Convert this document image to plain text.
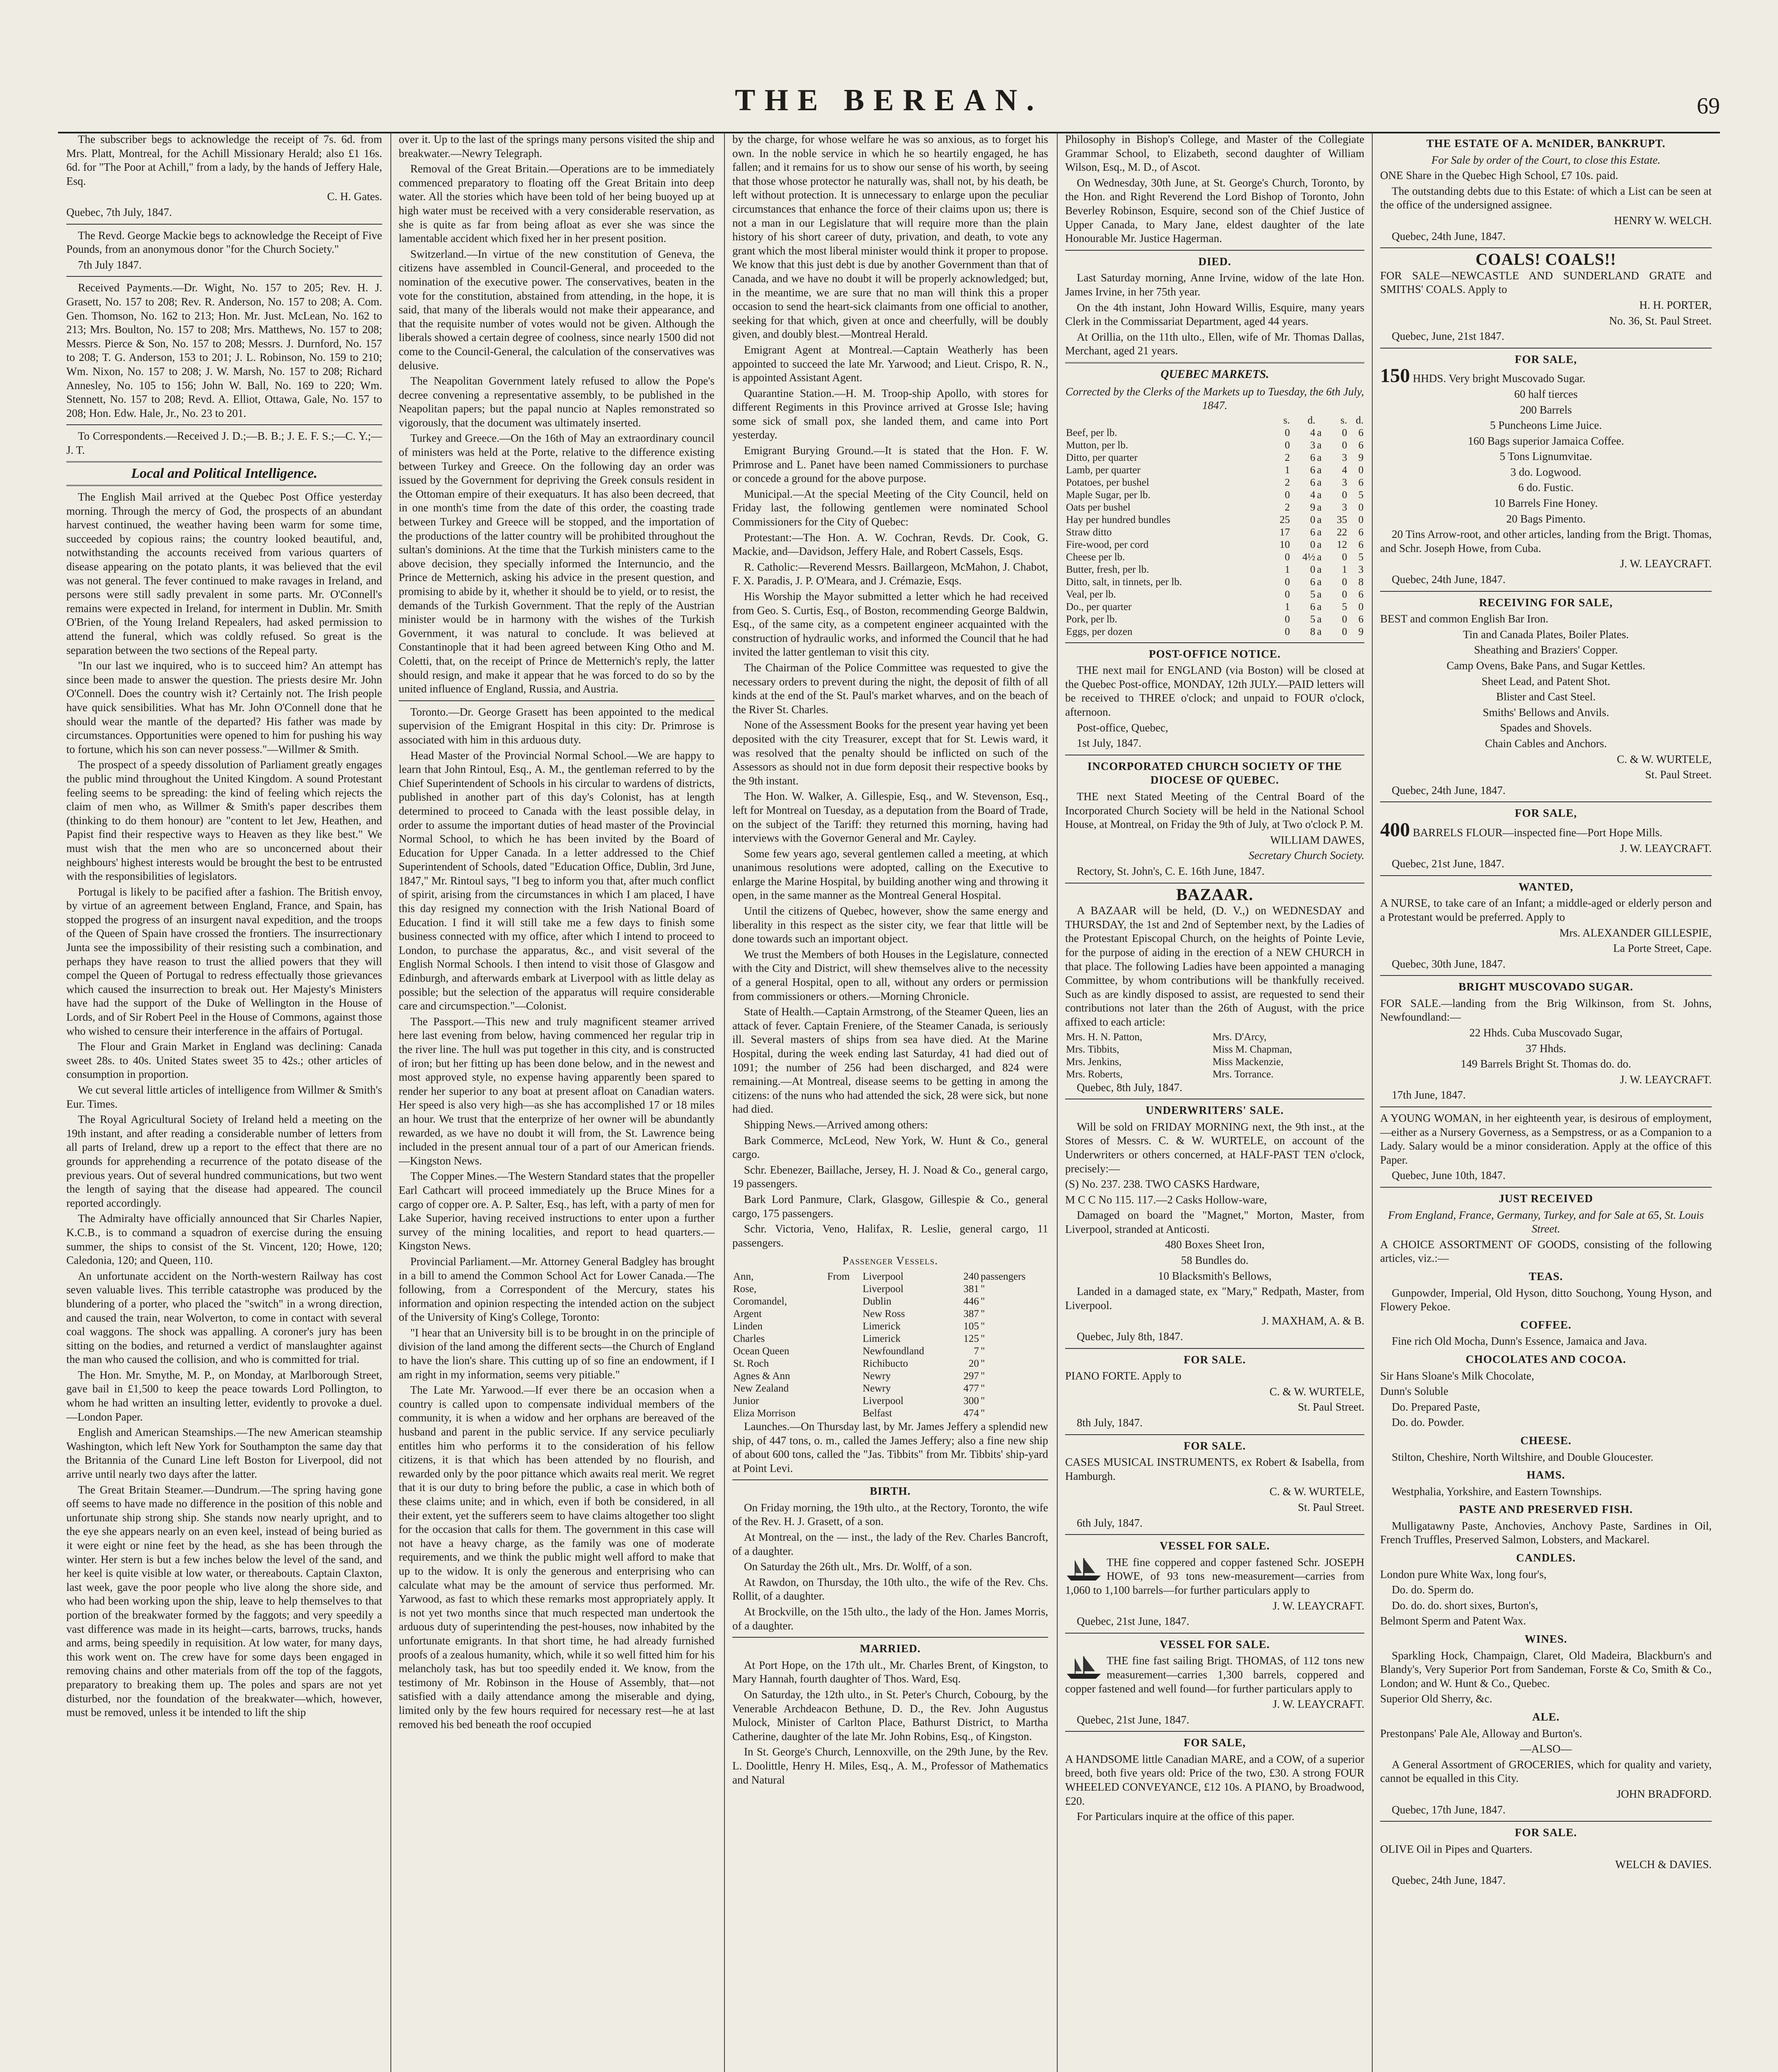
THE BEREAN.	69

The subscriber begs to acknowledge the receipt of 7s. 6d. from Mrs. Platt, Montreal, for the Achill Missionary Herald; also £1 16s. 6d. for "The Poor at Achill," from a lady, by the hands of Jeffery Hale, Esq.

C. H. Gates.

Quebec, 7th July, 1847.

The Revd. George Mackie begs to acknowledge the Receipt of Five Pounds, from an anonymous donor "for the Church Society."

7th July 1847.

Received Payments.—Dr. Wight, No. 157 to 205; Rev. H. J. Grasett, No. 157 to 208; Rev. R. Anderson, No. 157 to 208; A. Com. Gen. Thomson, No. 162 to 213; Hon. Mr. Just. McLean, No. 162 to 213; Mrs. Boulton, No. 157 to 208; Mrs. Matthews, No. 157 to 208; Messrs. Pierce & Son, No. 157 to 208; Messrs. J. Durnford, No. 157 to 208; T. G. Anderson, 153 to 201; J. L. Robinson, No. 159 to 210; Wm. Nixon, No. 157 to 208; J. W. Marsh, No. 157 to 208; Richard Annesley, No. 105 to 156; John W. Ball, No. 169 to 220; Wm. Stennett, No. 157 to 208; Revd. A. Elliot, Ottawa, Gale, No. 157 to 208; Hon. Edw. Hale, Jr., No. 23 to 201.

To Correspondents.—Received J. D.;—B. B.; J. E. F. S.;—C. Y.;—J. T.

Local and Political Intelligence.

The English Mail arrived at the Quebec Post Office yesterday morning. Through the mercy of God, the prospects of an abundant harvest continued, the weather having been warm for some time, succeeded by copious rains; the country looked beautiful, and, notwithstanding the accounts received from various quarters of disease appearing on the potato plants, it was believed that the evil was not general. The fever continued to make ravages in Ireland, and persons were still sadly prevalent in some parts. Mr. O'Connell's remains were expected in Ireland, for interment in Dublin. Mr. Smith O'Brien, of the Young Ireland Repealers, had asked permission to attend the funeral, which was coldly refused. So great is the separation between the two sections of the Repeal party.

"In our last we inquired, who is to succeed him? An attempt has since been made to answer the question. The priests desire Mr. John O'Connell. Does the country wish it? Certainly not. The Irish people have quick sensibilities. What has Mr. John O'Connell done that he should wear the mantle of the departed? His father was made by circumstances. Opportunities were opened to him for pushing his way to fortune, which his son can never possess."—Willmer & Smith.

The prospect of a speedy dissolution of Parliament greatly engages the public mind throughout the United Kingdom. A sound Protestant feeling seems to be spreading: the kind of feeling which rejects the claim of men who, as Willmer & Smith's paper describes them (thinking to do them honour) are "content to let Jew, Heathen, and Papist find their respective ways to Heaven as they like best." We must wish that the men who are so unconcerned about their neighbours' highest interests would be brought the best to be entrusted with the responsibilities of legislators.

Portugal is likely to be pacified after a fashion. The British envoy, by virtue of an agreement between England, France, and Spain, has stopped the progress of an insurgent naval expedition, and the troops of the Queen of Spain have crossed the frontiers. The insurrectionary Junta see the impossibility of their resisting such a combination, and perhaps they have reason to trust the allied powers that they will compel the Queen of Portugal to redress effectually those grievances which caused the insurrection to break out. Her Majesty's Ministers have had the support of the Duke of Wellington in the House of Lords, and of Sir Robert Peel in the House of Commons, against those who wished to censure their interference in the affairs of Portugal.

The Flour and Grain Market in England was declining: Canada sweet 28s. to 40s. United States sweet 35 to 42s.; other articles of consumption in proportion.

We cut several little articles of intelligence from Willmer & Smith's Eur. Times.

The Royal Agricultural Society of Ireland held a meeting on the 19th instant, and after reading a considerable number of letters from all parts of Ireland, drew up a report to the effect that there are no grounds for apprehending a recurrence of the potato disease of the previous years. Out of several hundred communications, but two went the length of saying that the disease had appeared. The council reported accordingly.

The Admiralty have officially announced that Sir Charles Napier, K.C.B., is to command a squadron of exercise during the ensuing summer, the ships to consist of the St. Vincent, 120; Howe, 120; Caledonia, 120; and Queen, 110.

An unfortunate accident on the North-western Railway has cost seven valuable lives. This terrible catastrophe was produced by the blundering of a porter, who placed the "switch" in a wrong direction, and caused the train, near Wolverton, to come in contact with several coal waggons. The shock was appalling. A coroner's jury has been sitting on the bodies, and returned a verdict of manslaughter against the man who caused the collision, and who is committed for trial.

The Hon. Mr. Smythe, M. P., on Monday, at Marlborough Street, gave bail in £1,500 to keep the peace towards Lord Pollington, to whom he had written an insulting letter, evidently to provoke a duel.—London Paper.

English and American Steamships.—The new American steamship Washington, which left New York for Southampton the same day that the Britannia of the Cunard Line left Boston for Liverpool, did not arrive until nearly two days after the latter.

The Great Britain Steamer.—Dundrum.—The spring having gone off seems to have made no difference in the position of this noble and unfortunate ship strong ship. She stands now nearly upright, and to the eye she appears nearly on an even keel, instead of being buried as it were eight or nine feet by the head, as she has been through the winter. Her stern is but a few inches below the level of the sand, and her keel is quite visible at low water, or thereabouts. Captain Claxton, last week, gave the poor people who live along the shore side, and who had been working upon the ship, leave to help themselves to that portion of the breakwater formed by the faggots; and very speedily a vast difference was made in its height—carts, barrows, trucks, hands and arms, being speedily in requisition. At low water, for many days, this work went on. The crew have for some days been engaged in removing chains and other materials from off the top of the faggots, preparatory to breaking them up. The poles and spars are not yet disturbed, nor the foundation of the breakwater—which, however, must be removed, unless it be intended to lift the ship

over it. Up to the last of the springs many persons visited the ship and breakwater.—Newry Telegraph.

Removal of the Great Britain.—Operations are to be immediately commenced preparatory to floating off the Great Britain into deep water. All the stories which have been told of her being buoyed up at high water must be received with a very considerable reservation, as she is quite as far from being afloat as ever she was since the lamentable accident which fixed her in her present position.

Switzerland.—In virtue of the new constitution of Geneva, the citizens have assembled in Council-General, and proceeded to the nomination of the executive power. The conservatives, beaten in the vote for the constitution, abstained from attending, in the hope, it is said, that many of the liberals would not make their appearance, and that the requisite number of votes would not be given. Although the liberals showed a certain degree of coolness, since nearly 1500 did not come to the Council-General, the calculation of the conservatives was delusive.

The Neapolitan Government lately refused to allow the Pope's decree convening a representative assembly, to be published in the Neapolitan papers; but the papal nuncio at Naples remonstrated so vigorously, that the document was ultimately inserted.

Turkey and Greece.—On the 16th of May an extraordinary council of ministers was held at the Porte, relative to the difference existing between Turkey and Greece. On the following day an order was issued by the Government for depriving the Greek consuls resident in the Ottoman empire of their exequaturs. It has also been decreed, that in one month's time from the date of this order, the coasting trade between Turkey and Greece will be stopped, and the importation of the productions of the latter country will be prohibited throughout the sultan's dominions. At the time that the Turkish ministers came to the above decision, they specially informed the Internuncio, and the Prince de Metternich, asking his advice in the present question, and promising to abide by it, whether it should be to yield, or to resist, the demands of the Turkish Government. That the reply of the Austrian minister would be in harmony with the wishes of the Turkish Government, it was natural to conclude. It was believed at Constantinople that it had been agreed between King Otho and M. Coletti, that, on the receipt of Prince de Metternich's reply, the latter should resign, and make it appear that he was forced to do so by the united influence of England, Russia, and Austria.

Toronto.—Dr. George Grasett has been appointed to the medical supervision of the Emigrant Hospital in this city: Dr. Primrose is associated with him in this arduous duty.

Head Master of the Provincial Normal School.—We are happy to learn that John Rintoul, Esq., A. M., the gentleman referred to by the Chief Superintendent of Schools in his circular to wardens of districts, published in another part of this day's Colonist, has at length determined to proceed to Canada with the least possible delay, in order to assume the important duties of head master of the Provincial Normal School, to which he has been invited by the Board of Education for Upper Canada. In a letter addressed to the Chief Superintendent of Schools, dated "Education Office, Dublin, 3rd June, 1847," Mr. Rintoul says, "I beg to inform you that, after much conflict of spirit, arising from the circumstances in which I am placed, I have this day resigned my connection with the Irish National Board of Education. I find it will still take me a few days to finish some business connected with my office, after which I intend to proceed to London, to purchase the apparatus, &c., and visit several of the English Normal Schools. I then intend to visit those of Glasgow and Edinburgh, and afterwards embark at Liverpool with as little delay as possible; but the selection of the apparatus will require considerable care and circumspection."—Colonist.

The Passport.—This new and truly magnificent steamer arrived here last evening from below, having commenced her regular trip in the river line. The hull was put together in this city, and is constructed of iron; but her fitting up has been done below, and in the newest and most approved style, no expense having apparently been spared to render her superior to any boat at present afloat on Canadian waters. Her speed is also very high—as she has accomplished 17 or 18 miles an hour. We trust that the enterprize of her owner will be abundantly rewarded, as we have no doubt it will from, the St. Lawrence being included in the present annual tour of a part of our American friends.—Kingston News.

The Copper Mines.—The Western Standard states that the propeller Earl Cathcart will proceed immediately up the Bruce Mines for a cargo of copper ore. A. P. Salter, Esq., has left, with a party of men for Lake Superior, having received instructions to enter upon a further survey of the mining localities, and report to head quarters.—Kingston News.

Provincial Parliament.—Mr. Attorney General Badgley has brought in a bill to amend the Common School Act for Lower Canada.—The following, from a Correspondent of the Mercury, states his information and opinion respecting the intended action on the subject of the University of King's College, Toronto:

"I hear that an University bill is to be brought in on the principle of division of the land among the different sects—the Church of England to have the lion's share. This cutting up of so fine an endowment, if I am right in my information, seems very pitiable."

The Late Mr. Yarwood.—If ever there be an occasion when a country is called upon to compensate individual members of the community, it is when a widow and her orphans are bereaved of the husband and parent in the public service. If any service peculiarly entitles him who performs it to the consideration of his fellow citizens, it is that which has been attended by no flourish, and rewarded only by the poor pittance which awaits real merit. We regret that it is our duty to bring before the public, a case in which both of these claims unite; and in which, even if both be considered, in all their extent, yet the sufferers seem to have claims altogether too slight for the occasion that calls for them. The government in this case will not have a heavy charge, as the family was one of moderate requirements, and we think the public might well afford to make that up to the widow. It is only the generous and enterprising who can calculate what may be the amount of service thus performed. Mr. Yarwood, as fast to which these remarks most appropriately apply. It is not yet two months since that much respected man undertook the arduous duty of superintending the pest-houses, now inhabited by the unfortunate emigrants. In that short time, he had already furnished proofs of a zealous humanity, which, while it so well fitted him for his melancholy task, has but too speedily ended it. We know, from the testimony of Mr. Robinson in the House of Assembly, that—not satisfied with a daily attendance among the miserable and dying, limited only by the few hours required for necessary rest—he at last removed his bed beneath the roof occupied

by the charge, for whose welfare he was so anxious, as to forget his own. In the noble service in which he so heartily engaged, he has fallen; and it remains for us to show our sense of his worth, by seeing that those whose protector he naturally was, shall not, by his death, be left without protection. It is unnecessary to enlarge upon the peculiar circumstances that enhance the force of their claims upon us; there is not a man in our Legislature that will require more than the plain history of his short career of duty, privation, and death, to vote any grant which the most liberal minister would think it proper to propose. We know that this just debt is due by another Government than that of Canada, and we have no doubt it will be properly acknowledged; but, in the meantime, we are sure that no man will think this a proper occasion to send the heart-sick claimants from one official to another, seeking for that which, given at once and cheerfully, will be doubly given, and doubly blest.—Montreal Herald.

Emigrant Agent at Montreal.—Captain Weatherly has been appointed to succeed the late Mr. Yarwood; and Lieut. Crispo, R. N., is appointed Assistant Agent.

Quarantine Station.—H. M. Troop-ship Apollo, with stores for different Regiments in this Province arrived at Grosse Isle; having some sick of small pox, she landed them, and came into Port yesterday.

Emigrant Burying Ground.—It is stated that the Hon. F. W. Primrose and L. Panet have been named Commissioners to purchase or concede a ground for the above purpose.

Municipal.—At the special Meeting of the City Council, held on Friday last, the following gentlemen were nominated School Commissioners for the City of Quebec:

Protestant:—The Hon. A. W. Cochran, Revds. Dr. Cook, G. Mackie, and—Davidson, Jeffery Hale, and Robert Cassels, Esqs.

R. Catholic:—Reverend Messrs. Baillargeon, McMahon, J. Chabot, F. X. Paradis, J. P. O'Meara, and J. Crémazie, Esqs.

His Worship the Mayor submitted a letter which he had received from Geo. S. Curtis, Esq., of Boston, recommending George Baldwin, Esq., of the same city, as a competent engineer acquainted with the construction of hydraulic works, and informed the Council that he had invited the latter gentleman to visit this city.

The Chairman of the Police Committee was requested to give the necessary orders to prevent during the night, the deposit of filth of all kinds at the end of the St. Paul's market wharves, and on the beach of the River St. Charles.

None of the Assessment Books for the present year having yet been deposited with the city Treasurer, except that for St. Lewis ward, it was resolved that the penalty should be inflicted on such of the Assessors as should not in due form deposit their respective books by the 9th instant.

The Hon. W. Walker, A. Gillespie, Esq., and W. Stevenson, Esq., left for Montreal on Tuesday, as a deputation from the Board of Trade, on the subject of the Tariff: they returned this morning, having had interviews with the Governor General and Mr. Cayley.

Some few years ago, several gentlemen called a meeting, at which unanimous resolutions were adopted, calling on the Executive to enlarge the Marine Hospital, by building another wing and throwing it open, in the same manner as the Montreal General Hospital.

Until the citizens of Quebec, however, show the same energy and liberality in this respect as the sister city, we fear that little will be done towards such an important object.

We trust the Members of both Houses in the Legislature, connected with the City and District, will shew themselves alive to the necessity of a general Hospital, open to all, without any orders or permission from commissioners or others.—Morning Chronicle.

State of Health.—Captain Armstrong, of the Steamer Queen, lies an attack of fever. Captain Freniere, of the Steamer Canada, is seriously ill. Several masters of ships from sea have died. At the Marine Hospital, during the week ending last Saturday, 41 had died out of 1091; the number of 256 had been discharged, and 824 were remaining.—At Montreal, disease seems to be getting in among the citizens: of the nuns who had attended the sick, 28 were sick, but none had died.

Shipping News.—Arrived among others:

Bark Commerce, McLeod, New York, W. Hunt & Co., general cargo.

Schr. Ebenezer, Baillache, Jersey, H. J. Noad & Co., general cargo, 19 passengers.

Bark Lord Panmure, Clark, Glasgow, Gillespie & Co., general cargo, 175 passengers.

Schr. Victoria, Veno, Halifax, R. Leslie, general cargo, 11 passengers.

Passenger Vessels.
Ann,	From	Liverpool	240	passengers
Rose,		Liverpool	381	"
Coromandel,		Dublin	446	"
Argent		New Ross	387	"
Linden		Limerick	105	"
Charles		Limerick	125	"
Ocean Queen		Newfoundland	7	"
St. Roch		Richibucto	20	"
Agnes & Ann		Newry	297	"
New Zealand		Newry	477	"
Junior		Liverpool	300	"
Eliza Morrison		Belfast	474	"

Launches.—On Thursday last, by Mr. James Jeffery a splendid new ship, of 447 tons, o. m., called the James Jeffery; also a fine new ship of about 600 tons, called the "Jas. Tibbits" from Mr. Tibbits' ship-yard at Point Levi.

BIRTH.

On Friday morning, the 19th ulto., at the Rectory, Toronto, the wife of the Rev. H. J. Grasett, of a son.

At Montreal, on the — inst., the lady of the Rev. Charles Bancroft, of a daughter.

On Saturday the 26th ult., Mrs. Dr. Wolff, of a son.

At Rawdon, on Thursday, the 10th ulto., the wife of the Rev. Chs. Rollit, of a daughter.

At Brockville, on the 15th ulto., the lady of the Hon. James Morris, of a daughter.

MARRIED.

At Port Hope, on the 17th ult., Mr. Charles Brent, of Kingston, to Mary Hannah, fourth daughter of Thos. Ward, Esq.

On Saturday, the 12th ulto., in St. Peter's Church, Cobourg, by the Venerable Archdeacon Bethune, D. D., the Rev. John Augustus Mulock, Minister of Carlton Place, Bathurst District, to Martha Catherine, daughter of the late Mr. John Robins, Esq., of Kingston.

In St. George's Church, Lennoxville, on the 29th June, by the Rev. L. Doolittle, Henry H. Miles, Esq., A. M., Professor of Mathematics and Natural

Philosophy in Bishop's College, and Master of the Collegiate Grammar School, to Elizabeth, second daughter of William Wilson, Esq., M. D., of Ascot.

On Wednesday, 30th June, at St. George's Church, Toronto, by the Hon. and Right Reverend the Lord Bishop of Toronto, John Beverley Robinson, Esquire, second son of the Chief Justice of Upper Canada, to Mary Jane, eldest daughter of the late Honourable Mr. Justice Hagerman.

DIED.

Last Saturday morning, Anne Irvine, widow of the late Hon. James Irvine, in her 75th year.

On the 4th instant, John Howard Willis, Esquire, many years Clerk in the Commissariat Department, aged 44 years.

At Orillia, on the 11th ulto., Ellen, wife of Mr. Thomas Dallas, Merchant, aged 21 years.

QUEBEC MARKETS.

Corrected by the Clerks of the Markets up to Tuesday, the 6th July, 1847.

	s.	d.		s.	d.
Beef, per lb.	0	4	a	0	6
Mutton, per lb.	0	3	a	0	6
Ditto, per quarter	2	6	a	3	9
Lamb, per quarter	1	6	a	4	0
Potatoes, per bushel	2	6	a	3	6
Maple Sugar, per lb.	0	4	a	0	5
Oats per bushel	2	9	a	3	0
Hay per hundred bundles	25	0	a	35	0
Straw ditto	17	6	a	22	6
Fire-wood, per cord	10	0	a	12	6
Cheese per lb.	0	4½	a	0	5
Butter, fresh, per lb.	1	0	a	1	3
Ditto, salt, in tinnets, per lb.	0	6	a	0	8
Veal, per lb.	0	5	a	0	6
Do., per quarter	1	6	a	5	0
Pork, per lb.	0	5	a	0	6
Eggs, per dozen	0	8	a	0	9
POST-OFFICE NOTICE.

THE next mail for ENGLAND (via Boston) will be closed at the Quebec Post-office, MONDAY, 12th JULY.—PAID letters will be received to THREE o'clock; and unpaid to FOUR o'clock, afternoon.

Post-office, Quebec,

1st July, 1847.

INCORPORATED CHURCH SOCIETY OF THE DIOCESE OF QUEBEC.

THE next Stated Meeting of the Central Board of the Incorporated Church Society will be held in the National School House, at Montreal, on Friday the 9th of July, at Two o'clock P. M.

WILLIAM DAWES,

Secretary Church Society.

Rectory, St. John's, C. E. 16th June, 1847.

BAZAAR.

A BAZAAR will be held, (D. V.,) on WEDNESDAY and THURSDAY, the 1st and 2nd of September next, by the Ladies of the Protestant Episcopal Church, on the heights of Pointe Levie, for the purpose of aiding in the erection of a NEW CHURCH in that place. The following Ladies have been appointed a managing Committee, by whom contributions will be thankfully received. Such as are kindly disposed to assist, are requested to send their contributions not later than the 26th of August, with the price affixed to each article:

Mrs. H. N. Patton,	Mrs. D'Arcy,
Mrs. Tibbits,	Miss M. Chapman,
Mrs. Jenkins,	Miss Mackenzie,
Mrs. Roberts,	Mrs. Torrance.

Quebec, 8th July, 1847.

UNDERWRITERS' SALE.

Will be sold on FRIDAY MORNING next, the 9th inst., at the Stores of Messrs. C. & W. WURTELE, on account of the Underwriters or others concerned, at HALF-PAST TEN o'clock, precisely:—

(S) No. 237. 238. TWO CASKS Hardware,

M C C No 115. 117.—2 Casks Hollow-ware,

Damaged on board the "Magnet," Morton, Master, from Liverpool, stranded at Anticosti.

480 Boxes Sheet Iron,

58 Bundles do.

10 Blacksmith's Bellows,

Landed in a damaged state, ex "Mary," Redpath, Master, from Liverpool.

J. MAXHAM, A. & B.

Quebec, July 8th, 1847.

FOR SALE.

PIANO FORTE. Apply to

C. & W. WURTELE,

St. Paul Street.

8th July, 1847.

FOR SALE.

CASES MUSICAL INSTRUMENTS, ex Robert & Isabella, from Hamburgh.

C. & W. WURTELE,

St. Paul Street.

6th July, 1847.

VESSEL FOR SALE.

THE fine coppered and copper fastened Schr. JOSEPH HOWE, of 93 tons new-measurement—carries from 1,060 to 1,100 barrels—for further particulars apply to

J. W. LEAYCRAFT.

Quebec, 21st June, 1847.

VESSEL FOR SALE.

THE fine fast sailing Brigt. THOMAS, of 112 tons new measurement—carries 1,300 barrels, coppered and copper fastened and well found—for further particulars apply to

J. W. LEAYCRAFT.

Quebec, 21st June, 1847.

FOR SALE,

A HANDSOME little Canadian MARE, and a COW, of a superior breed, both five years old: Price of the two, £30. A strong FOUR WHEELED CONVEYANCE, £12 10s. A PIANO, by Broadwood, £20.

For Particulars inquire at the office of this paper.

THE ESTATE OF A. McNIDER, BANKRUPT.

For Sale by order of the Court, to close this Estate.

ONE Share in the Quebec High School, £7 10s. paid.

The outstanding debts due to this Estate: of which a List can be seen at the office of the undersigned assignee.

HENRY W. WELCH.

Quebec, 24th June, 1847.

COALS! COALS!!

FOR SALE—NEWCASTLE AND SUNDERLAND GRATE and SMITHS' COALS. Apply to

H. H. PORTER,

No. 36, St. Paul Street.

Quebec, June, 21st 1847.

FOR SALE,

150 HHDS. Very bright Muscovado Sugar.

60 half tierces

200 Barrels

5 Puncheons Lime Juice.

160 Bags superior Jamaica Coffee.

5 Tons Lignumvitae.

3 do. Logwood.

6 do. Fustic.

10 Barrels Fine Honey.

20 Bags Pimento.

20 Tins Arrow-root, and other articles, landing from the Brigt. Thomas, and Schr. Joseph Howe, from Cuba.

J. W. LEAYCRAFT.

Quebec, 24th June, 1847.

RECEIVING FOR SALE,

BEST and common English Bar Iron.

Tin and Canada Plates, Boiler Plates.

Sheathing and Braziers' Copper.

Camp Ovens, Bake Pans, and Sugar Kettles.

Sheet Lead, and Patent Shot.

Blister and Cast Steel.

Smiths' Bellows and Anvils.

Spades and Shovels.

Chain Cables and Anchors.

C. & W. WURTELE,

St. Paul Street.

Quebec, 24th June, 1847.

FOR SALE,

400 BARRELS FLOUR—inspected fine—Port Hope Mills.

J. W. LEAYCRAFT.

Quebec, 21st June, 1847.

WANTED,

A NURSE, to take care of an Infant; a middle-aged or elderly person and a Protestant would be preferred. Apply to

Mrs. ALEXANDER GILLESPIE,

La Porte Street, Cape.

Quebec, 30th June, 1847.

BRIGHT MUSCOVADO SUGAR.

FOR SALE.—landing from the Brig Wilkinson, from St. Johns, Newfoundland:—

22 Hhds. Cuba Muscovado Sugar,

37 Hhds.

149 Barrels Bright St. Thomas do. do.

J. W. LEAYCRAFT.

17th June, 1847.

A YOUNG WOMAN, in her eighteenth year, is desirous of employment,—either as a Nursery Governess, as a Sempstress, or as a Companion to a Lady. Salary would be a minor consideration. Apply at the office of this Paper.

Quebec, June 10th, 1847.

JUST RECEIVED

From England, France, Germany, Turkey, and for Sale at 65, St. Louis Street.

A CHOICE ASSORTMENT OF GOODS, consisting of the following articles, viz.:—

TEAS.

Gunpowder, Imperial, Old Hyson, ditto Souchong, Young Hyson, and Flowery Pekoe.

COFFEE.

Fine rich Old Mocha, Dunn's Essence, Jamaica and Java.

CHOCOLATES AND COCOA.

Sir Hans Sloane's Milk Chocolate,

Dunn's Soluble

Do. Prepared Paste,

Do. do. Powder.

CHEESE.

Stilton, Cheshire, North Wiltshire, and Double Gloucester.

HAMS.

Westphalia, Yorkshire, and Eastern Townships.

PASTE AND PRESERVED FISH.

Mulligatawny Paste, Anchovies, Anchovy Paste, Sardines in Oil, French Truffles, Preserved Salmon, Lobsters, and Mackarel.

CANDLES.

London pure White Wax, long four's,

Do. do. Sperm do.

Do. do. do. short sixes, Burton's,

Belmont Sperm and Patent Wax.

WINES.

Sparkling Hock, Champaign, Claret, Old Madeira, Blackburn's and Blandy's, Very Superior Port from Sandeman, Forste & Co, Smith & Co., London; and W. Hunt & Co., Quebec.

Superior Old Sherry, &c.

ALE.

Prestonpans' Pale Ale, Alloway and Burton's.

—ALSO—

A General Assortment of GROCERIES, which for quality and variety, cannot be equalled in this City.

JOHN BRADFORD.

Quebec, 17th June, 1847.

FOR SALE.

OLIVE Oil in Pipes and Quarters.

WELCH & DAVIES.

Quebec, 24th June, 1847.
